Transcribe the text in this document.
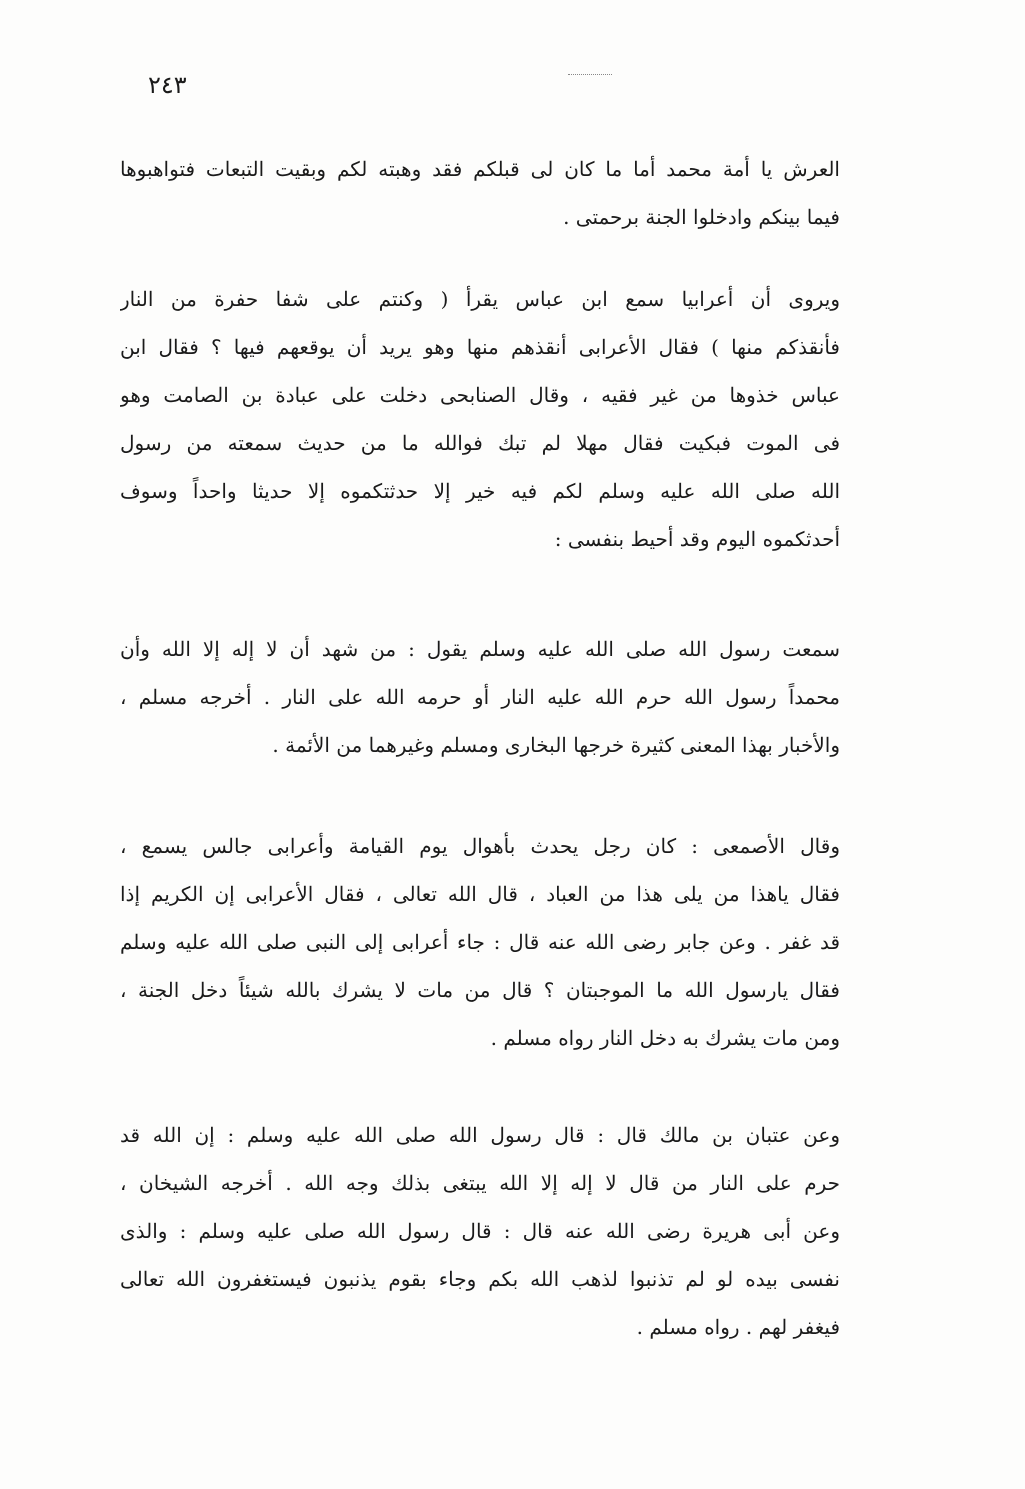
٢٤٣
العرش يا أمة محمد أما ما كان لى قبلكم فقد وهبته لكم وبقيت التبعات فتواهبوها
فيما بينكم وادخلوا الجنة برحمتى .
ويروى أن أعرابيا سمع ابن عباس يقرأ ( وكنتم على شفا حفرة من النار
فأنقذكم منها ) فقال الأعرابى أنقذهم منها وهو يريد أن يوقعهم فيها ؟ فقال ابن
عباس خذوها من غير فقيه ، وقال الصنابحى دخلت على عبادة بن الصامت وهو
فى الموت فبكيت فقال مهلا لم تبك فوالله ما من حديث سمعته من رسول
الله صلى الله عليه وسلم لكم فيه خير إلا حدثتكموه إلا حديثا واحداً وسوف
أحدثكموه اليوم وقد أحيط بنفسى :
سمعت رسول الله صلى الله عليه وسلم يقول : من شهد أن لا إله إلا الله وأن
محمداً رسول الله حرم الله عليه النار أو حرمه الله على النار . أخرجه مسلم ،
والأخبار بهذا المعنى كثيرة خرجها البخارى ومسلم وغيرهما من الأئمة .
وقال الأصمعى : كان رجل يحدث بأهوال يوم القيامة وأعرابى جالس يسمع ،
فقال ياهذا من يلى هذا من العباد ، قال الله تعالى ، فقال الأعرابى إن الكريم إذا
قد غفر . وعن جابر رضى الله عنه قال : جاء أعرابى إلى النبى صلى الله عليه وسلم
فقال يارسول الله ما الموجبتان ؟ قال من مات لا يشرك بالله شيئاً دخل الجنة ،
ومن مات يشرك به دخل النار رواه مسلم .
وعن عتبان بن مالك قال : قال رسول الله صلى الله عليه وسلم : إن الله قد
حرم على النار من قال لا إله إلا الله يبتغى بذلك وجه الله . أخرجه الشيخان ،
وعن أبى هريرة رضى الله عنه قال : قال رسول الله صلى عليه وسلم : والذى
نفسى بيده لو لم تذنبوا لذهب الله بكم وجاء بقوم يذنبون فيستغفرون الله تعالى
فيغفر لهم . رواه مسلم .
